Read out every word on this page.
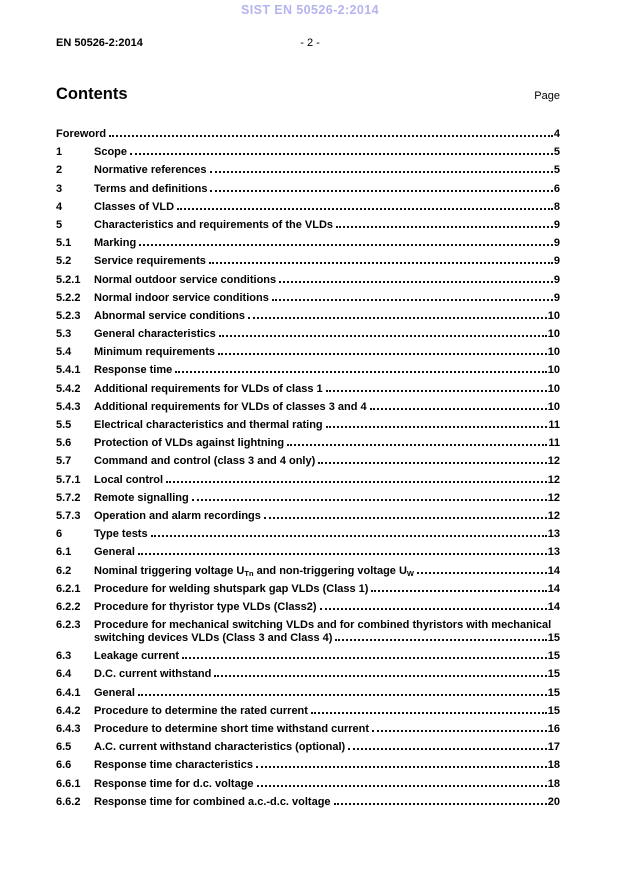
SIST EN 50526-2:2014
EN 50526-2:2014	- 2 -
Contents	Page
Foreword	4
1	Scope	5
2	Normative references	5
3	Terms and definitions	6
4	Classes of VLD	8
5	Characteristics and requirements of the VLDs	9
5.1	Marking	9
5.2	Service requirements	9
5.2.1	Normal outdoor service conditions	9
5.2.2	Normal indoor service conditions	9
5.2.3	Abnormal service conditions	10
5.3	General characteristics	10
5.4	Minimum requirements	10
5.4.1	Response time	10
5.4.2	Additional requirements for VLDs of class 1	10
5.4.3	Additional requirements for VLDs of classes 3 and 4	10
5.5	Electrical characteristics and thermal rating	11
5.6	Protection of VLDs against lightning	11
5.7	Command and control (class 3 and 4 only)	12
5.7.1	Local control	12
5.7.2	Remote signalling	12
5.7.3	Operation and alarm recordings	12
6	Type tests	13
6.1	General	13
6.2	Nominal triggering voltage $U_{Tn}$ and non-triggering voltage $U_W$	14
6.2.1	Procedure for welding shutspark gap VLDs (Class 1)	14
6.2.2	Procedure for thyristor type VLDs (Class2)	14
6.2.3	Procedure for mechanical switching VLDs and for combined thyristors with mechanical
switching devices VLDs (Class 3 and Class 4)	15
6.3	Leakage current	15
6.4	D.C. current withstand	15
6.4.1	General	15
6.4.2	Procedure to determine the rated current	15
6.4.3	Procedure to determine short time withstand current	16
6.5	A.C. current withstand characteristics (optional)	17
6.6	Response time characteristics	18
6.6.1	Response time for d.c. voltage	18
6.6.2	Response time for combined a.c.-d.c. voltage	20
